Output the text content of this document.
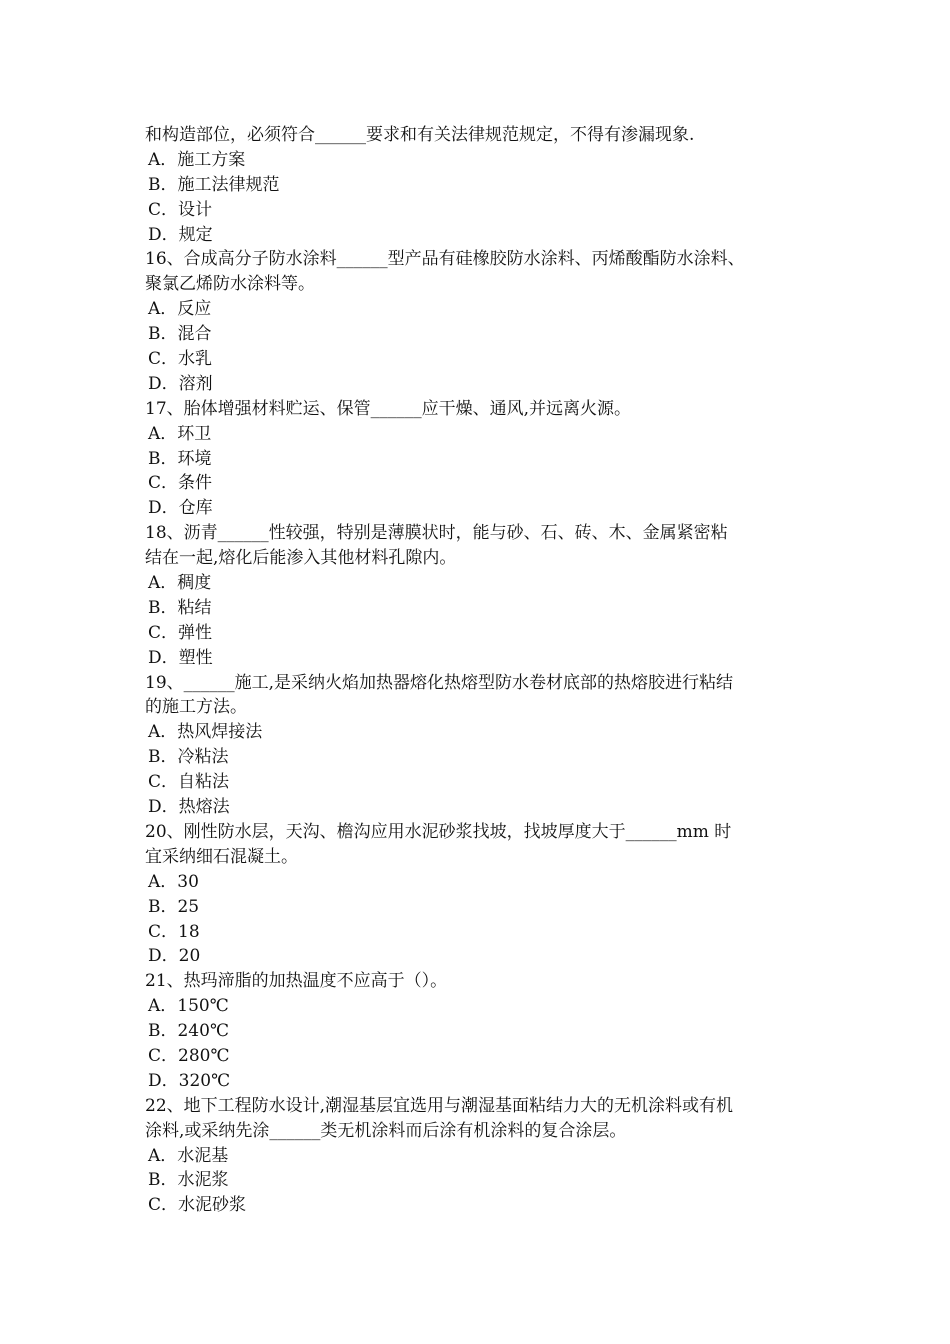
和构造部位，必须符合______要求和有关法律规范规定，不得有渗漏现象.
A．施工方案
B．施工法律规范
C．设计
D．规定
16、合成高分子防水涂料______型产品有硅橡胶防水涂料、丙烯酸酯防水涂料、
聚氯乙烯防水涂料等。
A．反应
B．混合
C．水乳
D．溶剂
17、胎体增强材料贮运、保管______应干燥、通风,并远离火源。
A．环卫
B．环境
C．条件
D．仓库
18、沥青______性较强，特别是薄膜状时，能与砂、石、砖、木、金属紧密粘
结在一起,熔化后能渗入其他材料孔隙内。
A．稠度
B．粘结
C．弹性
D．塑性
19、______施工,是采纳火焰加热器熔化热熔型防水卷材底部的热熔胶进行粘结
的施工方法。
A．热风焊接法
B．冷粘法
C．自粘法
D．热熔法
20、刚性防水层，天沟、檐沟应用水泥砂浆找坡，找坡厚度大于______mm 时
宜采纳细石混凝土。
A．30
B．25
C．18
D．20
21、热玛渧脂的加热温度不应高于（）。
A．150℃
B．240℃
C．280℃
D．320℃
22、地下工程防水设计,潮湿基层宜选用与潮湿基面粘结力大的无机涂料或有机
涂料,或采纳先涂______类无机涂料而后涂有机涂料的复合涂层。
A．水泥基
B．水泥浆
C．水泥砂浆
